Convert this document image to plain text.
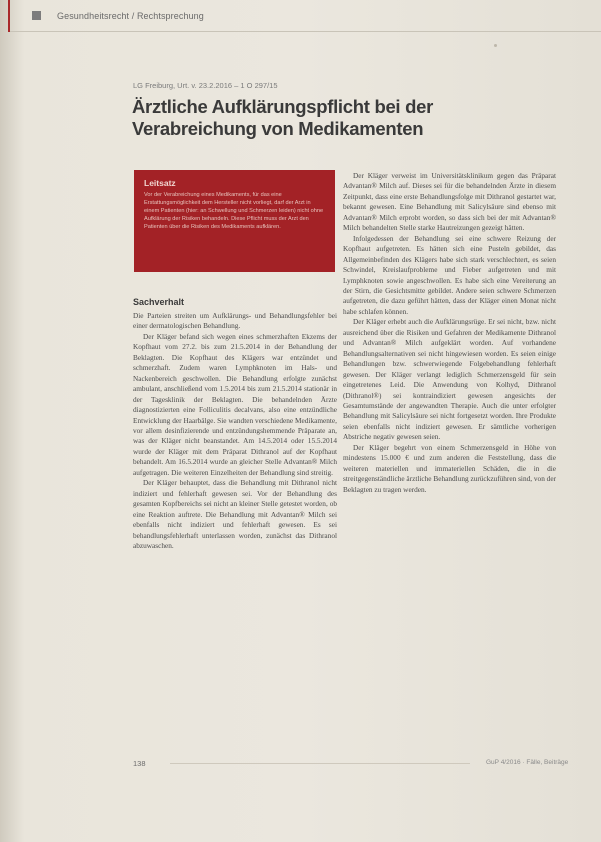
Gesundheitsrecht / Rechtsprechung
LG Freiburg, Urt. v. 23.2.2016 – 1 O 297/15
Ärztliche Aufklärungspflicht bei der Verabreichung von Medikamenten
Leitsatz
Vor der Verabreichung eines Medikaments, für das eine Erstattungsmöglichkeit dem Hersteller nicht vorliegt, darf der Arzt in einem Patienten (hier: an Schwellung und Schmerzen leiden) nicht ohne Aufklärung der Risiken behandeln. Diese Pflicht muss der Arzt den Patienten über die Risiken des Medikaments aufklären.
Sachverhalt

Die Parteien streiten um Aufklärungs- und Behandlungsfehler bei einer dermatologischen Behandlung.

Der Kläger befand sich wegen eines schmerzhaften Ekzems der Kopfhaut vom 27.2. bis zum 21.5.2014 in der Behandlung der Beklagten. Die Kopfhaut des Klägers war entzündet und schmerzhaft. Zudem waren Lymphknoten im Hals- und Nackenbereich geschwollen. Die Behandlung erfolgte zunächst ambulant, anschließend vom 1.5.2014 bis zum 21.5.2014 stationär in der Tagesklinik der Beklagten. Die behandelnden Ärzte diagnostizierten eine Folliculitis decalvans, also eine entzündliche Entwicklung der Haarbälge. Sie wandten verschiedene Medikamente, vor allem desinfizierende und entzündungshemmende Präparate an, was der Kläger nicht beanstandet. Am 14.5.2014 oder 15.5.2014 wurde der Kläger mit dem Präparat Dithranol auf der Kopfhaut behandelt. Am 16.5.2014 wurde an gleicher Stelle Advantan® Milch aufgetragen. Die weiteren Einzelheiten der Behandlung sind streitig.

Der Kläger behauptet, dass die Behandlung mit Dithranol nicht indiziert und fehlerhaft gewesen sei. Vor der Behandlung des gesamten Kopfbereichs sei nicht an kleiner Stelle getestet worden, ob eine Reaktion auftrete. Die Behandlung mit Advantan® Milch sei ebenfalls nicht indiziert und fehlerhaft gewesen. Es sei behandlungsfehlerhaft unterlassen worden, zunächst das Dithranol abzuwaschen.

Der Kläger verweist im Universitätsklinikum gegen das Präparat Advantan® Milch auf. Dieses sei für die behandelnden Ärzte in diesem Zeitpunkt, dass eine erste Behandlungsfolge mit Dithranol gestartet war, bekannt gewesen. Eine Behandlung mit Salicylsäure sind ebenso mit Advantan® Milch erprobt worden, so dass sich bei der mit Advantan® Milch behandelten Stelle starke Hautreizungen gezeigt hätten.

Infolgedessen der Behandlung sei eine schwere Reizung der Kopfhaut aufgetreten. Es hätten sich eine Pusteln gebildet, das Allgemeinbefinden des Klägers habe sich stark verschlechtert, es seien Schwindel, Kreislaufprobleme und Fieber aufgetreten und mit Lymphknoten sowie angeschwollen. Es habe sich eine Vereiterung an der Stirn, die Gesichtsmitte gebildet. Andere seien schwere Schmerzen aufgetreten, die dazu geführt hätten, dass der Kläger einen Monat nicht habe schlafen können.

Der Kläger erhebt auch die Aufklärungsrüge. Er sei nicht, bzw. nicht ausreichend über die Risiken und Gefahren der Medikamente Dithranol und Advantan® Milch aufgeklärt worden. Auf vorhandene Behandlungsalternativen sei nicht hingewiesen worden. Es seien einige Behandlungen bzw. schwerwiegende Folgebehandlung fehlerhaft gewesen. Der Kläger verlangt lediglich Schmerzensgeld für sein eingetretenes Leid. Die Anwendung von Kolhyd, Dithranol (Dithranol®) sei kontraindiziert gewesen angesichts der Gesamtumstände der angewandten Therapie. Auch die unter erfolgter Behandlung mit Salicylsäure sei nicht fortgesetzt worden. Ihre Produkte seien ebenfalls nicht indiziert gewesen. Er sämtliche vorherigen Abstriche negativ gewesen seien.

Der Kläger begehrt von einem Schmerzensgeld in Höhe von mindestens 15.000 € und zum anderen die Feststellung, dass die weiteren materiellen und immateriellen Schäden, die in die streitgegenständliche ärztliche Behandlung zurückzuführen sind, von der Beklagten zu tragen werden.

138	GuP 4/2016 · Fälle, Beiträge
